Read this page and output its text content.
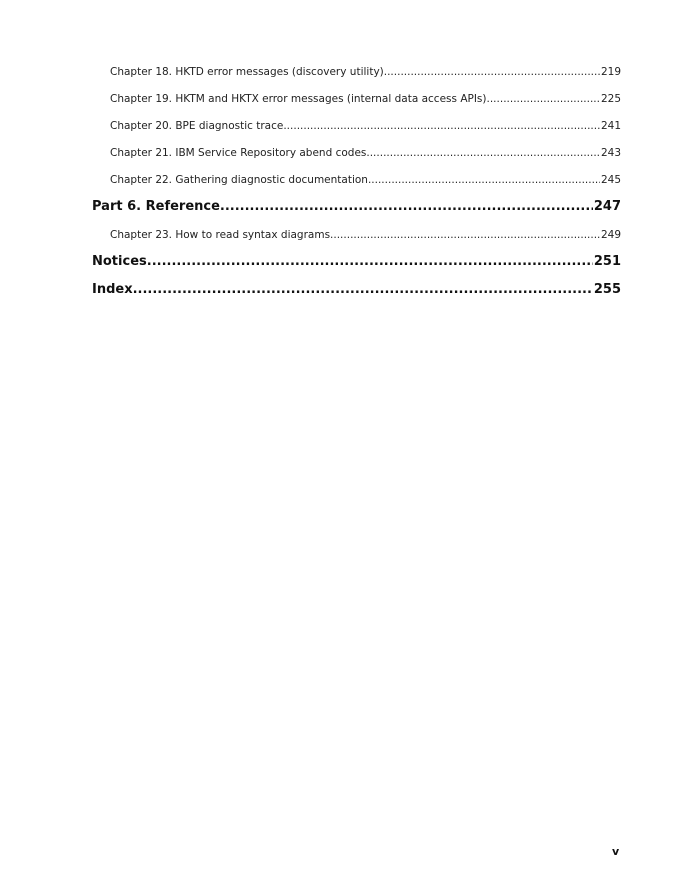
Chapter 18. HKTD error messages (discovery utility) .....	219
Chapter 19. HKTM and HKTX error messages (internal data access APIs) .....	225
Chapter 20. BPE diagnostic trace .....	241
Chapter 21. IBM Service Repository abend codes .....	243
Chapter 22. Gathering diagnostic documentation .....	245
Part 6. Reference .....	247
Chapter 23. How to read syntax diagrams .....	249
Notices .....	251
Index .....	255
v
